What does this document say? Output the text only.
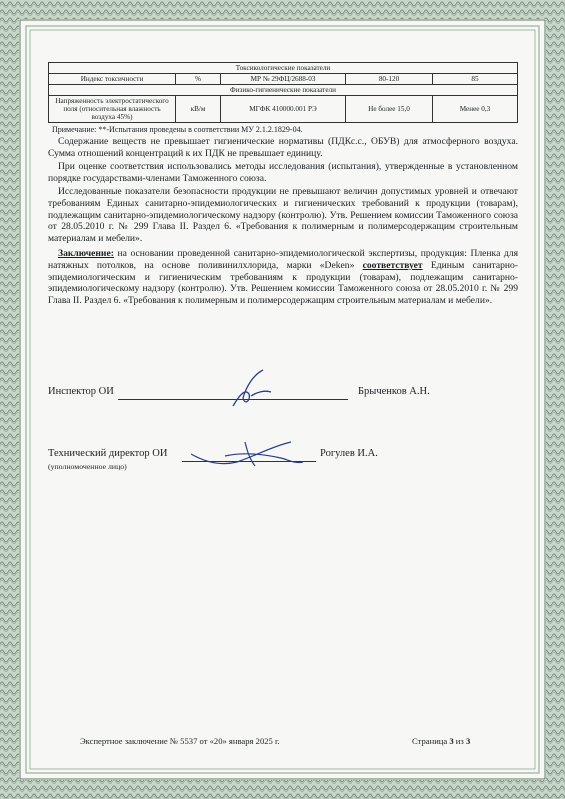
Токсикологические показатели				
Индекс токсичности	%	МР № 29ФЦ/2688-03	80-120	85
Физико-гигиенические показатели				
Напряженность электростатического поля (относительная влажность воздуха 45%)	кВ/м	МГФК 410000.001 РЭ	Не более 15,0	Менее 0,3
Примечание: **-Испытания проведены в соответствии МУ 2.1.2.1829-04.

Содержание веществ не превышает гигиенические нормативы (ПДКс.с., ОБУВ) для атмосферного воздуха. Сумма отношений концентраций к их ПДК не превышает единицу.

При оценке соответствия использовались методы исследования (испытания), утвержденные в установленном порядке государствами-членами Таможенного союза.

Исследованные показатели безопасности продукции не превышают величин допустимых уровней и отвечают требованиям Единых санитарно-эпидемиологических и гигиенических требований к продукции (товарам), подлежащим санитарно-эпидемиологическому надзору (контролю). Утв. Решением комиссии Таможенного союза от 28.05.2010 г. № 299 Глава II. Раздел 6. «Требования к полимерным и полимерсодержащим строительным материалам и мебели».

Заключение: на основании проведенной санитарно-эпидемиологической экспертизы, продукция: Пленка для натяжных потолков, на основе поливинилхлорида, марки «Deken» соответствует Единым санитарно-эпидемиологическим и гигиеническим требованиям к продукции (товарам), подлежащим санитарно-эпидемиологическому надзору (контролю). Утв. Решением комиссии Таможенного союза от 28.05.2010 г. № 299 Глава II. Раздел 6. «Требования к полимерным и полимерсодержащим строительным материалам и мебели».

Инспектор ОИ	Брыченков А.Н.
Технический директор ОИ
(уполномоченное лицо)
Рогулев И.А.
Экспертное заключение № 5537 от «20» января 2025 г.	Страница 3 из 3
